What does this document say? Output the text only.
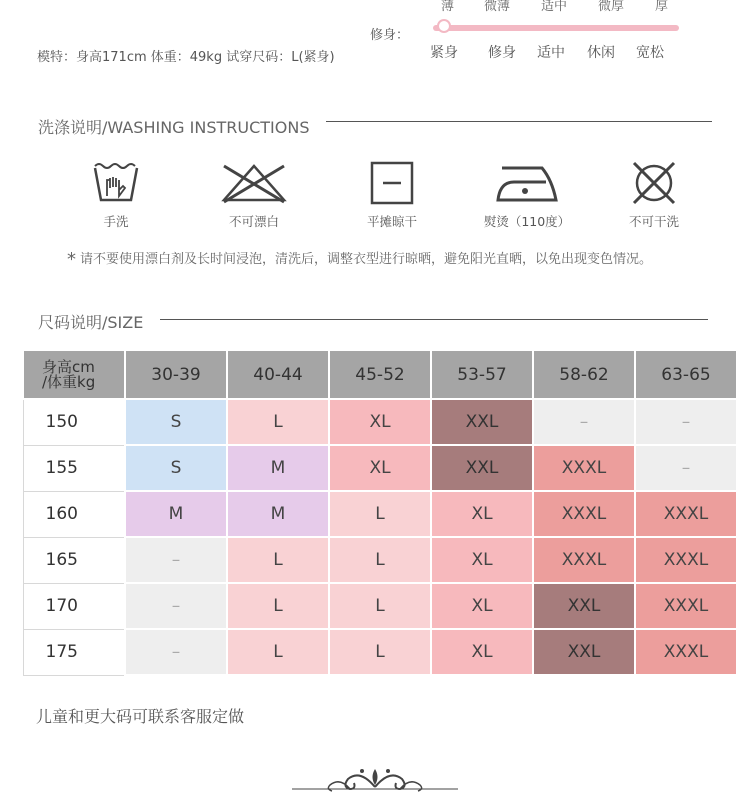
薄 微薄 适中 微厚 厚
模特：身高171cm 体重：49kg 试穿尺码：L(紧身)
修身：
紧身 修身 适中 休闲 宽松
洗涤说明/WASHING INSTRUCTIONS
手洗	不可漂白	平摊晾干	熨烫（110度）	不可干洗
* 请不要使用漂白剂及长时间浸泡，清洗后，调整衣型进行晾晒，避免阳光直晒，以免出现变色情况。
尺码说明/SIZE
身高cm
/体重kg	30-39	40-44	45-52	53-57	58-62	63-65
150	S	L	XL	XXL	–	–
155	S	M	XL	XXL	XXXL	–
160	M	M	L	XL	XXXL	XXXL
165	–	L	L	XL	XXXL	XXXL
170	–	L	L	XL	XXL	XXXL
175	–	L	L	XL	XXL	XXXL
儿童和更大码可联系客服定做
